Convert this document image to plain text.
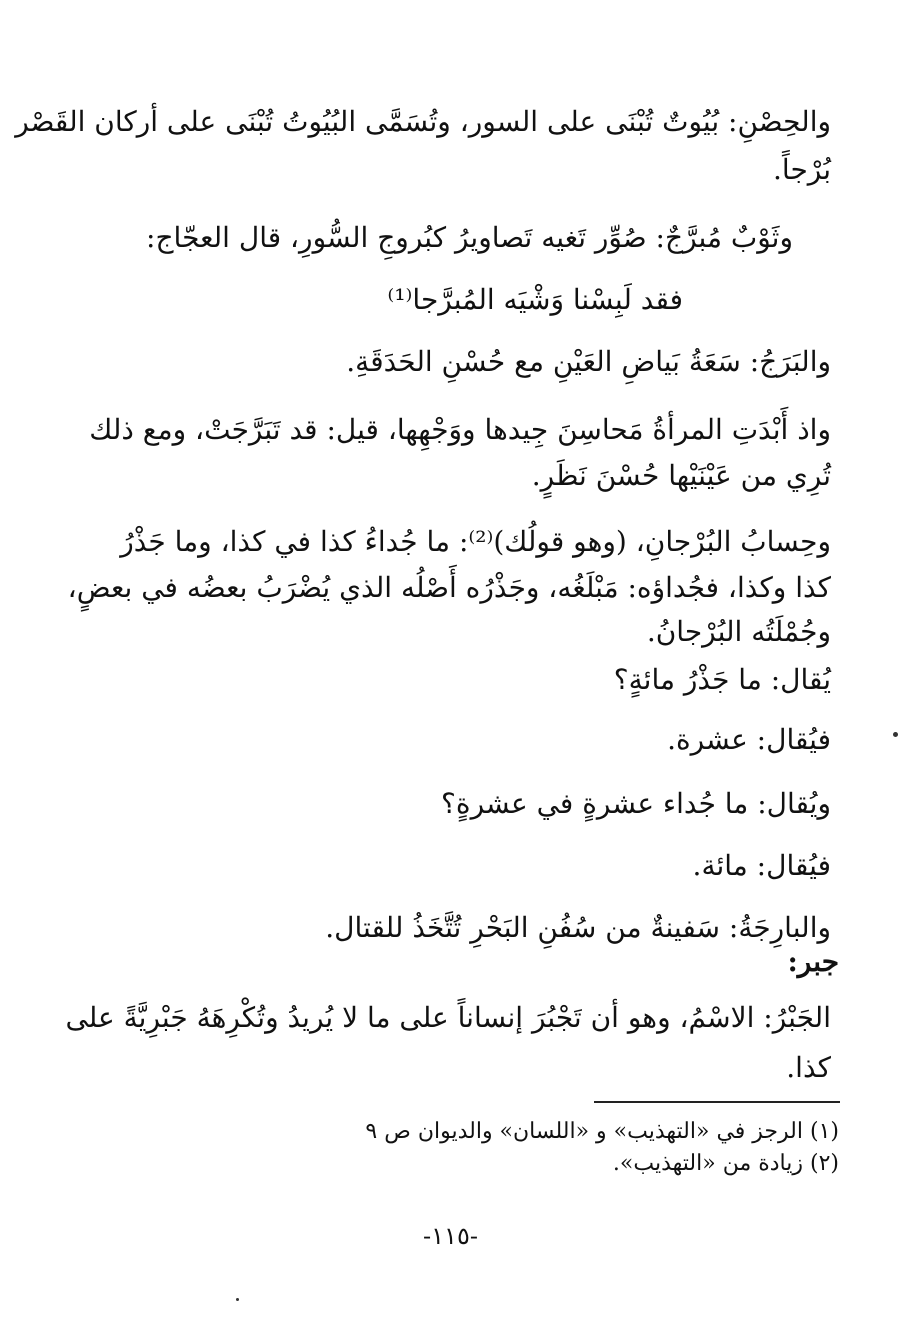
والحِصْنِ: بُيُوتٌ تُبْنَى على السور، وتُسَمَّى البُيُوتُ تُبْنَى على أركان القَصْر
بُرْجاً.
وثَوْبٌ مُبرَّجٌ: صُوِّر تَغيه تَصاويرُ كبُروجِ السُّورِ، قال العجّاج:
فقد لَبِسْنا وَشْيَه المُبرَّجا⁽¹⁾
والبَرَجُ: سَعَةُ بَياضِ العَيْنِ مع حُسْنِ الحَدَقَةِ.
واذ أَبْدَتِ المرأةُ مَحاسِنَ جِيدها ووَجْهِها، قيل: قد تَبَرَّجَتْ، ومع ذلك
تُرِي من عَيْنَيْها حُسْنَ نَظَرٍ.
وحِسابُ البُرْجانِ، (وهو قولُك)⁽²⁾: ما جُداءُ كذا في كذا، وما جَذْرُ
كذا وكذا، فجُداؤه: مَبْلَغُه، وجَذْرُه أَصْلُه الذي يُضْرَبُ بعضُه في بعضٍ،
وجُمْلَتُه البُرْجانُ.
يُقال: ما جَذْرُ مائةٍ؟
فيُقال: عشرة.
ويُقال: ما جُداء عشرةٍ في عشرةٍ؟
فيُقال: مائة.
والبارِجَةُ: سَفينةٌ من سُفُنِ البَحْرِ تُتَّخَذُ للقتال.
جبر:
الجَبْرُ: الاسْمُ، وهو أن تَجْبُرَ إنساناً على ما لا يُريدُ وتُكْرِهَهُ جَبْرِيَّةً على
كذا.
(١) الرجز في «التهذيب» و «اللسان» والديوان ص ٩
(٢) زيادة من «التهذيب».
-١١٥-
